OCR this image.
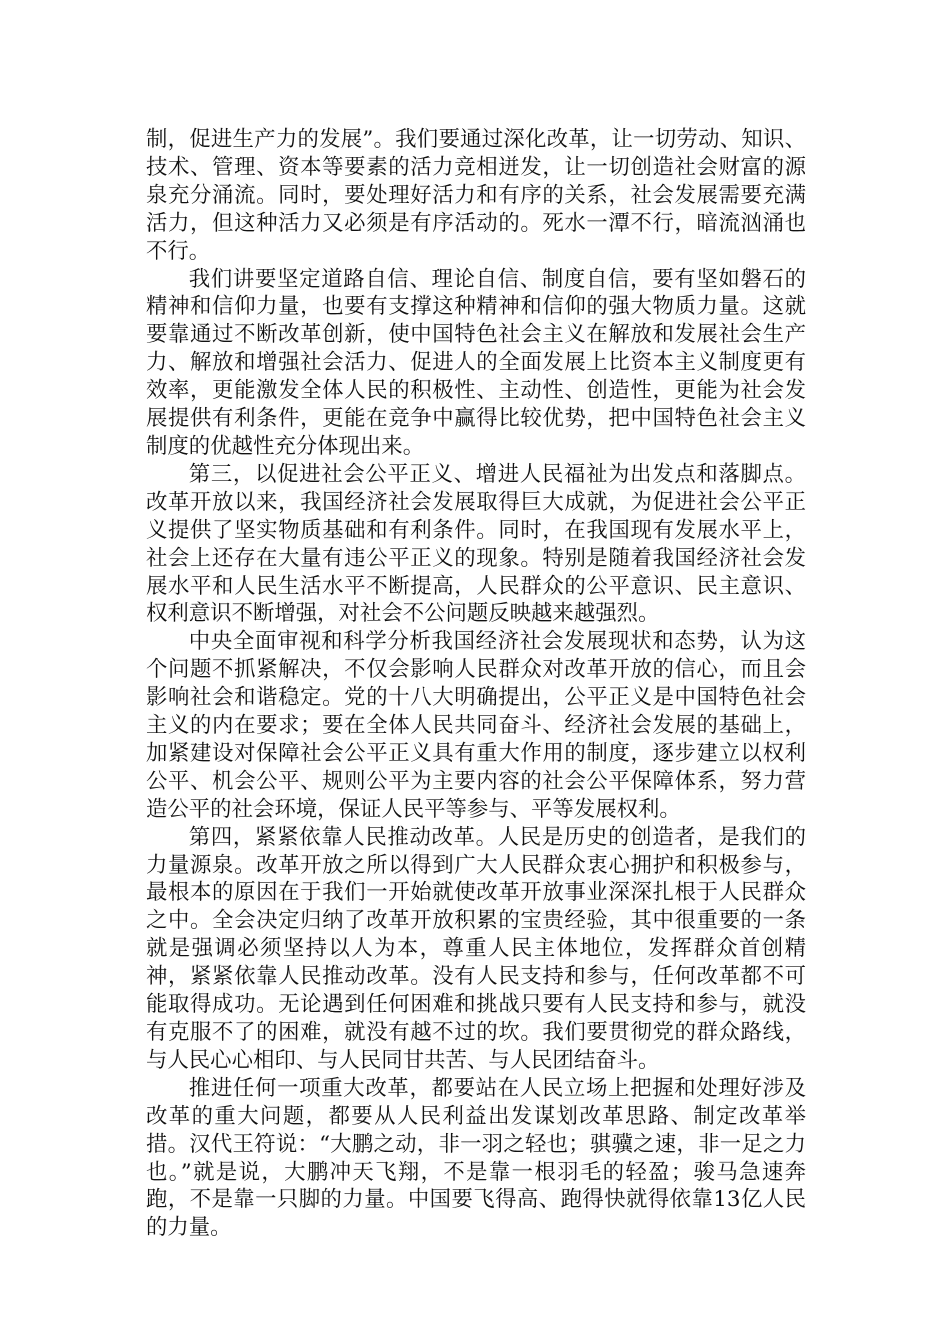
制，促进生产力的发展”。我们要通过深化改革，让一切劳动、知识、技术、管理、资本等要素的活力竞相迸发，让一切创造社会财富的源泉充分涌流。同时，要处理好活力和有序的关系，社会发展需要充满活力，但这种活力又必须是有序活动的。死水一潭不行，暗流汹涌也不行。

我们讲要坚定道路自信、理论自信、制度自信，要有坚如磐石的精神和信仰力量，也要有支撑这种精神和信仰的强大物质力量。这就要靠通过不断改革创新，使中国特色社会主义在解放和发展社会生产力、解放和增强社会活力、促进人的全面发展上比资本主义制度更有效率，更能激发全体人民的积极性、主动性、创造性，更能为社会发展提供有利条件，更能在竞争中赢得比较优势，把中国特色社会主义制度的优越性充分体现出来。

第三，以促进社会公平正义、增进人民福祉为出发点和落脚点。改革开放以来，我国经济社会发展取得巨大成就，为促进社会公平正义提供了坚实物质基础和有利条件。同时，在我国现有发展水平上，社会上还存在大量有违公平正义的现象。特别是随着我国经济社会发展水平和人民生活水平不断提高，人民群众的公平意识、民主意识、权利意识不断增强，对社会不公问题反映越来越强烈。

中央全面审视和科学分析我国经济社会发展现状和态势，认为这个问题不抓紧解决，不仅会影响人民群众对改革开放的信心，而且会影响社会和谐稳定。党的十八大明确提出，公平正义是中国特色社会主义的内在要求；要在全体人民共同奋斗、经济社会发展的基础上，加紧建设对保障社会公平正义具有重大作用的制度，逐步建立以权利公平、机会公平、规则公平为主要内容的社会公平保障体系，努力营造公平的社会环境，保证人民平等参与、平等发展权利。

第四，紧紧依靠人民推动改革。人民是历史的创造者，是我们的力量源泉。改革开放之所以得到广大人民群众衷心拥护和积极参与，最根本的原因在于我们一开始就使改革开放事业深深扎根于人民群众之中。全会决定归纳了改革开放积累的宝贵经验，其中很重要的一条就是强调必须坚持以人为本，尊重人民主体地位，发挥群众首创精神，紧紧依靠人民推动改革。没有人民支持和参与，任何改革都不可能取得成功。无论遇到任何困难和挑战只要有人民支持和参与，就没有克服不了的困难，就没有越不过的坎。我们要贯彻党的群众路线，与人民心心相印、与人民同甘共苦、与人民团结奋斗。

推进任何一项重大改革，都要站在人民立场上把握和处理好涉及改革的重大问题，都要从人民利益出发谋划改革思路、制定改革举措。汉代王符说：“大鹏之动，非一羽之轻也；骐骥之速，非一足之力也。”就是说，大鹏冲天飞翔，不是靠一根羽毛的轻盈；骏马急速奔跑，不是靠一只脚的力量。中国要飞得高、跑得快就得依靠13亿人民的力量。
